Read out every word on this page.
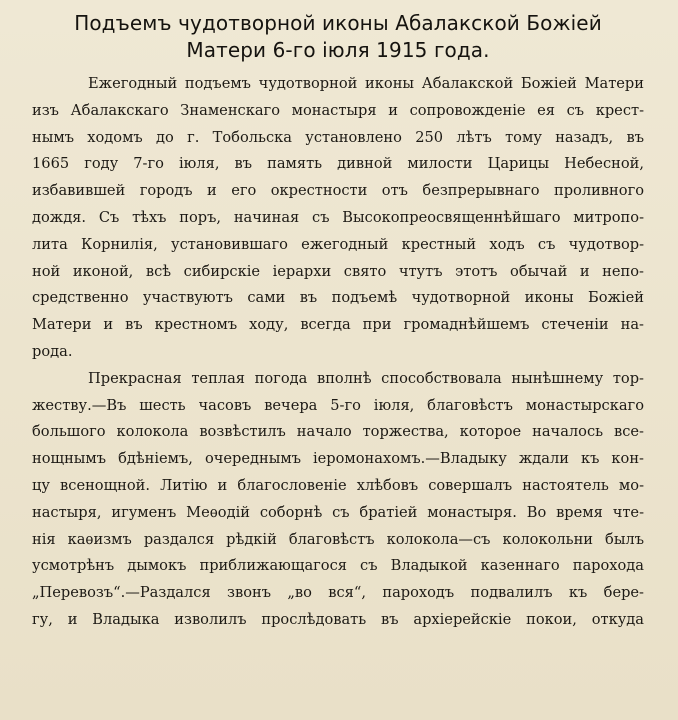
Подъемъ чудотворной иконы Абалакской Божiей
Матери 6-го iюля 1915 года.
Ежегодный подъемъ чудотворной иконы Абалакской Божiей Матери
изъ Абалакскаго Знаменскаго монастыря и сопровожденiе ея съ крест-
нымъ ходомъ до г. Тобольска установлено 250 лѣтъ тому назадъ, въ
1665 году 7-го iюля, въ память дивной милости Царицы Небесной,
избавившей городъ и его окрестности отъ безпрерывнаго проливного
дождя. Съ тѣхъ поръ, начиная съ Высокопреосвященнѣйшаго митропо-
лита Корнилiя, установившаго ежегодный крестный ходъ съ чудотвор-
ной иконой, всѣ сибирскiе iерархи свято чтутъ этотъ обычай и непо-
средственно участвуютъ сами въ подъемѣ чудотворной иконы Божiей
Матери и въ крестномъ ходу, всегда при громаднѣйшемъ стеченiи на-
рода.
Прекрасная теплая погода вполнѣ способствовала нынѣшнему тор-
жеству.—Въ шесть часовъ вечера 5-го iюля, благовѣстъ монастырскаго
большого колокола возвѣстилъ начало торжества, которое началось все-
нощнымъ бдѣнiемъ, очереднымъ iеромонахомъ.—Владыку ждали къ кон-
цу всенощной. Литiю и благословенiе хлѣбовъ совершалъ настоятель мо-
настыря, игуменъ Меѳодiй соборнѣ съ братiей монастыря. Во время чте-
нiя каѳизмъ раздался рѣдкiй благовѣстъ колокола—съ колокольни былъ
усмотрѣнъ дымокъ приближающагося съ Владыкой казеннаго парохода
„Перевозъ“.—Раздался звонъ „во вся“, пароходъ подвалилъ къ бере-
гу, и Владыка изволилъ прослѣдовать въ архiерейскiе покои, откуда
